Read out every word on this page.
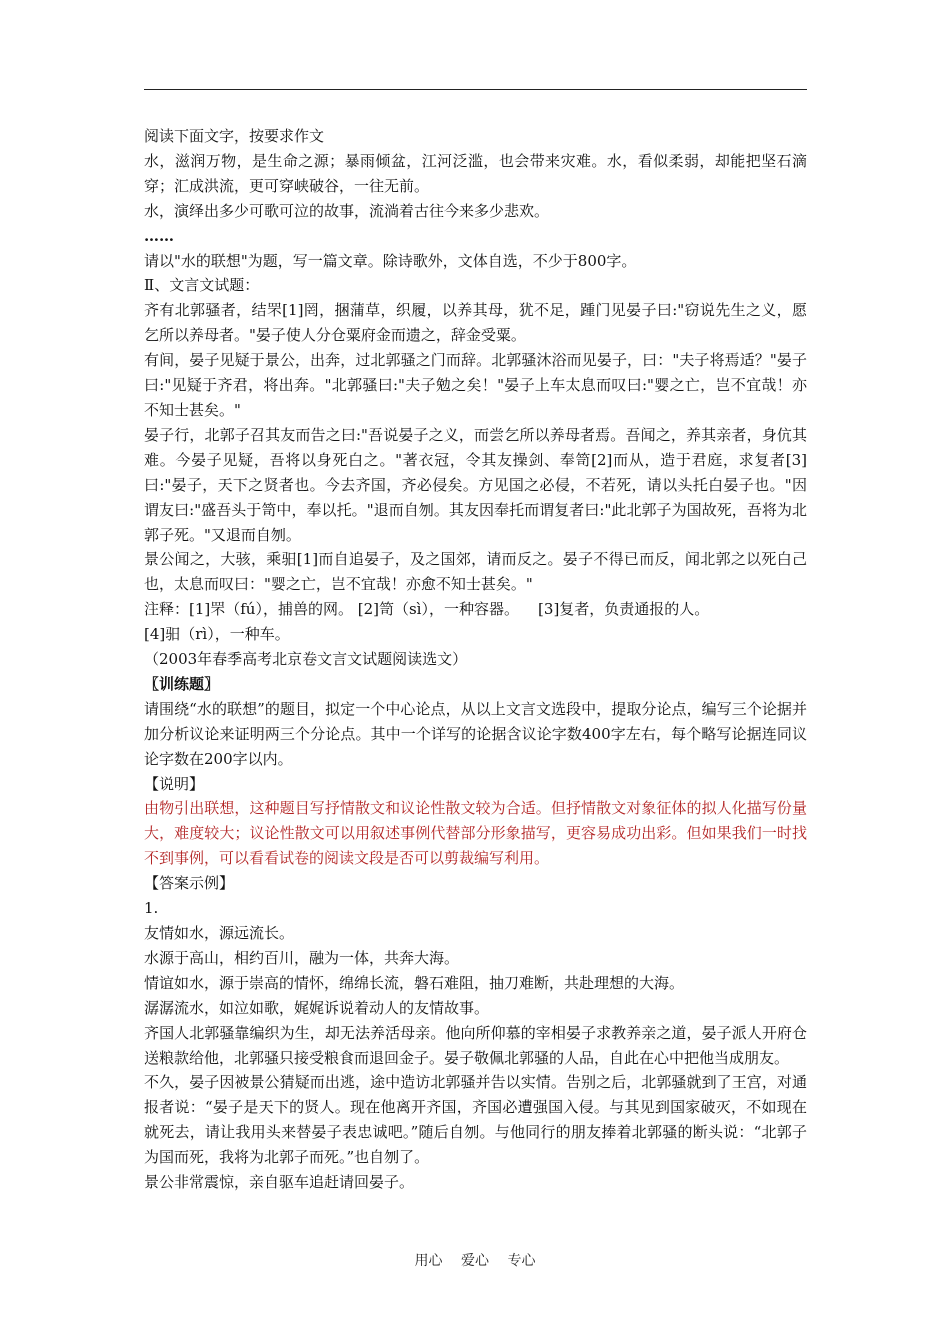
阅读下面文字，按要求作文

水，滋润万物，是生命之源；暴雨倾盆，江河泛滥，也会带来灾难。水，看似柔弱，却能把坚石滴穿；汇成洪流，更可穿峡破谷，一往无前。

水，演绎出多少可歌可泣的故事，流淌着古往今来多少悲欢。

……

请以"水的联想"为题，写一篇文章。除诗歌外，文体自选，不少于800字。

Ⅱ、文言文试题：

齐有北郭骚者，结罘[1]罔，捆蒲草，织履，以养其母，犹不足，踵门见晏子曰:"窃说先生之义，愿乞所以养母者。"晏子使人分仓粟府金而遗之，辞金受粟。

有间，晏子见疑于景公，出奔，过北郭骚之门而辞。北郭骚沐浴而见晏子，曰："夫子将焉适？"晏子曰:"见疑于齐君，将出奔。"北郭骚曰:"夫子勉之矣！"晏子上车太息而叹曰:"婴之亡，岂不宜哉！亦不知士甚矣。"

晏子行，北郭子召其友而告之曰:"吾说晏子之义，而尝乞所以养母者焉。吾闻之，养其亲者，身伉其难。今晏子见疑，吾将以身死白之。"著衣冠，令其友操剑、奉笥[2]而从，造于君庭，求复者[3]曰:"晏子，天下之贤者也。今去齐国，齐必侵矣。方见国之必侵，不若死，请以头托白晏子也。"因谓友曰:"盛吾头于笥中，奉以托。"退而自刎。其友因奉托而谓复者曰:"此北郭子为国故死，吾将为北郭子死。"又退而自刎。

景公闻之，大骇，乘驲[1]而自追晏子，及之国郊，请而反之。晏子不得已而反，闻北郭之以死白己也，太息而叹曰："婴之亡，岂不宜哉！亦愈不知士甚矣。"

注释：[1]罘（fú），捕兽的网。 [2]笥（sì），一种容器。    [3]复者，负责通报的人。

[4]驲（rì），一种车。

（2003年春季高考北京卷文言文试题阅读选文）

〖训练题〗

请围绕“水的联想”的题目，拟定一个中心论点，从以上文言文选段中，提取分论点，编写三个论据并加分析议论来证明两三个分论点。其中一个详写的论据含议论字数400字左右，每个略写论据连同议论字数在200字以内。

【说明】

由物引出联想，这种题目写抒情散文和议论性散文较为合适。但抒情散文对象征体的拟人化描写份量大，难度较大；议论性散文可以用叙述事例代替部分形象描写，更容易成功出彩。但如果我们一时找不到事例，可以看看试卷的阅读文段是否可以剪裁编写利用。

【答案示例】

1.

友情如水，源远流长。

水源于高山，相约百川，融为一体，共奔大海。

情谊如水，源于崇高的情怀，绵绵长流，磐石难阻，抽刀难断，共赴理想的大海。

潺潺流水，如泣如歌，娓娓诉说着动人的友情故事。

齐国人北郭骚靠编织为生，却无法养活母亲。他向所仰慕的宰相晏子求教养亲之道，晏子派人开府仓送粮款给他，北郭骚只接受粮食而退回金子。晏子敬佩北郭骚的人品，自此在心中把他当成朋友。

不久，晏子因被景公猜疑而出逃，途中造访北郭骚并告以实情。告别之后，北郭骚就到了王宫，对通报者说：“晏子是天下的贤人。现在他离开齐国，齐国必遭强国入侵。与其见到国家破灭，不如现在就死去，请让我用头来替晏子表忠诚吧。”随后自刎。与他同行的朋友捧着北郭骚的断头说：“北郭子为国而死，我将为北郭子而死。”也自刎了。

景公非常震惊，亲自驱车追赶请回晏子。

用心 爱心 专心
